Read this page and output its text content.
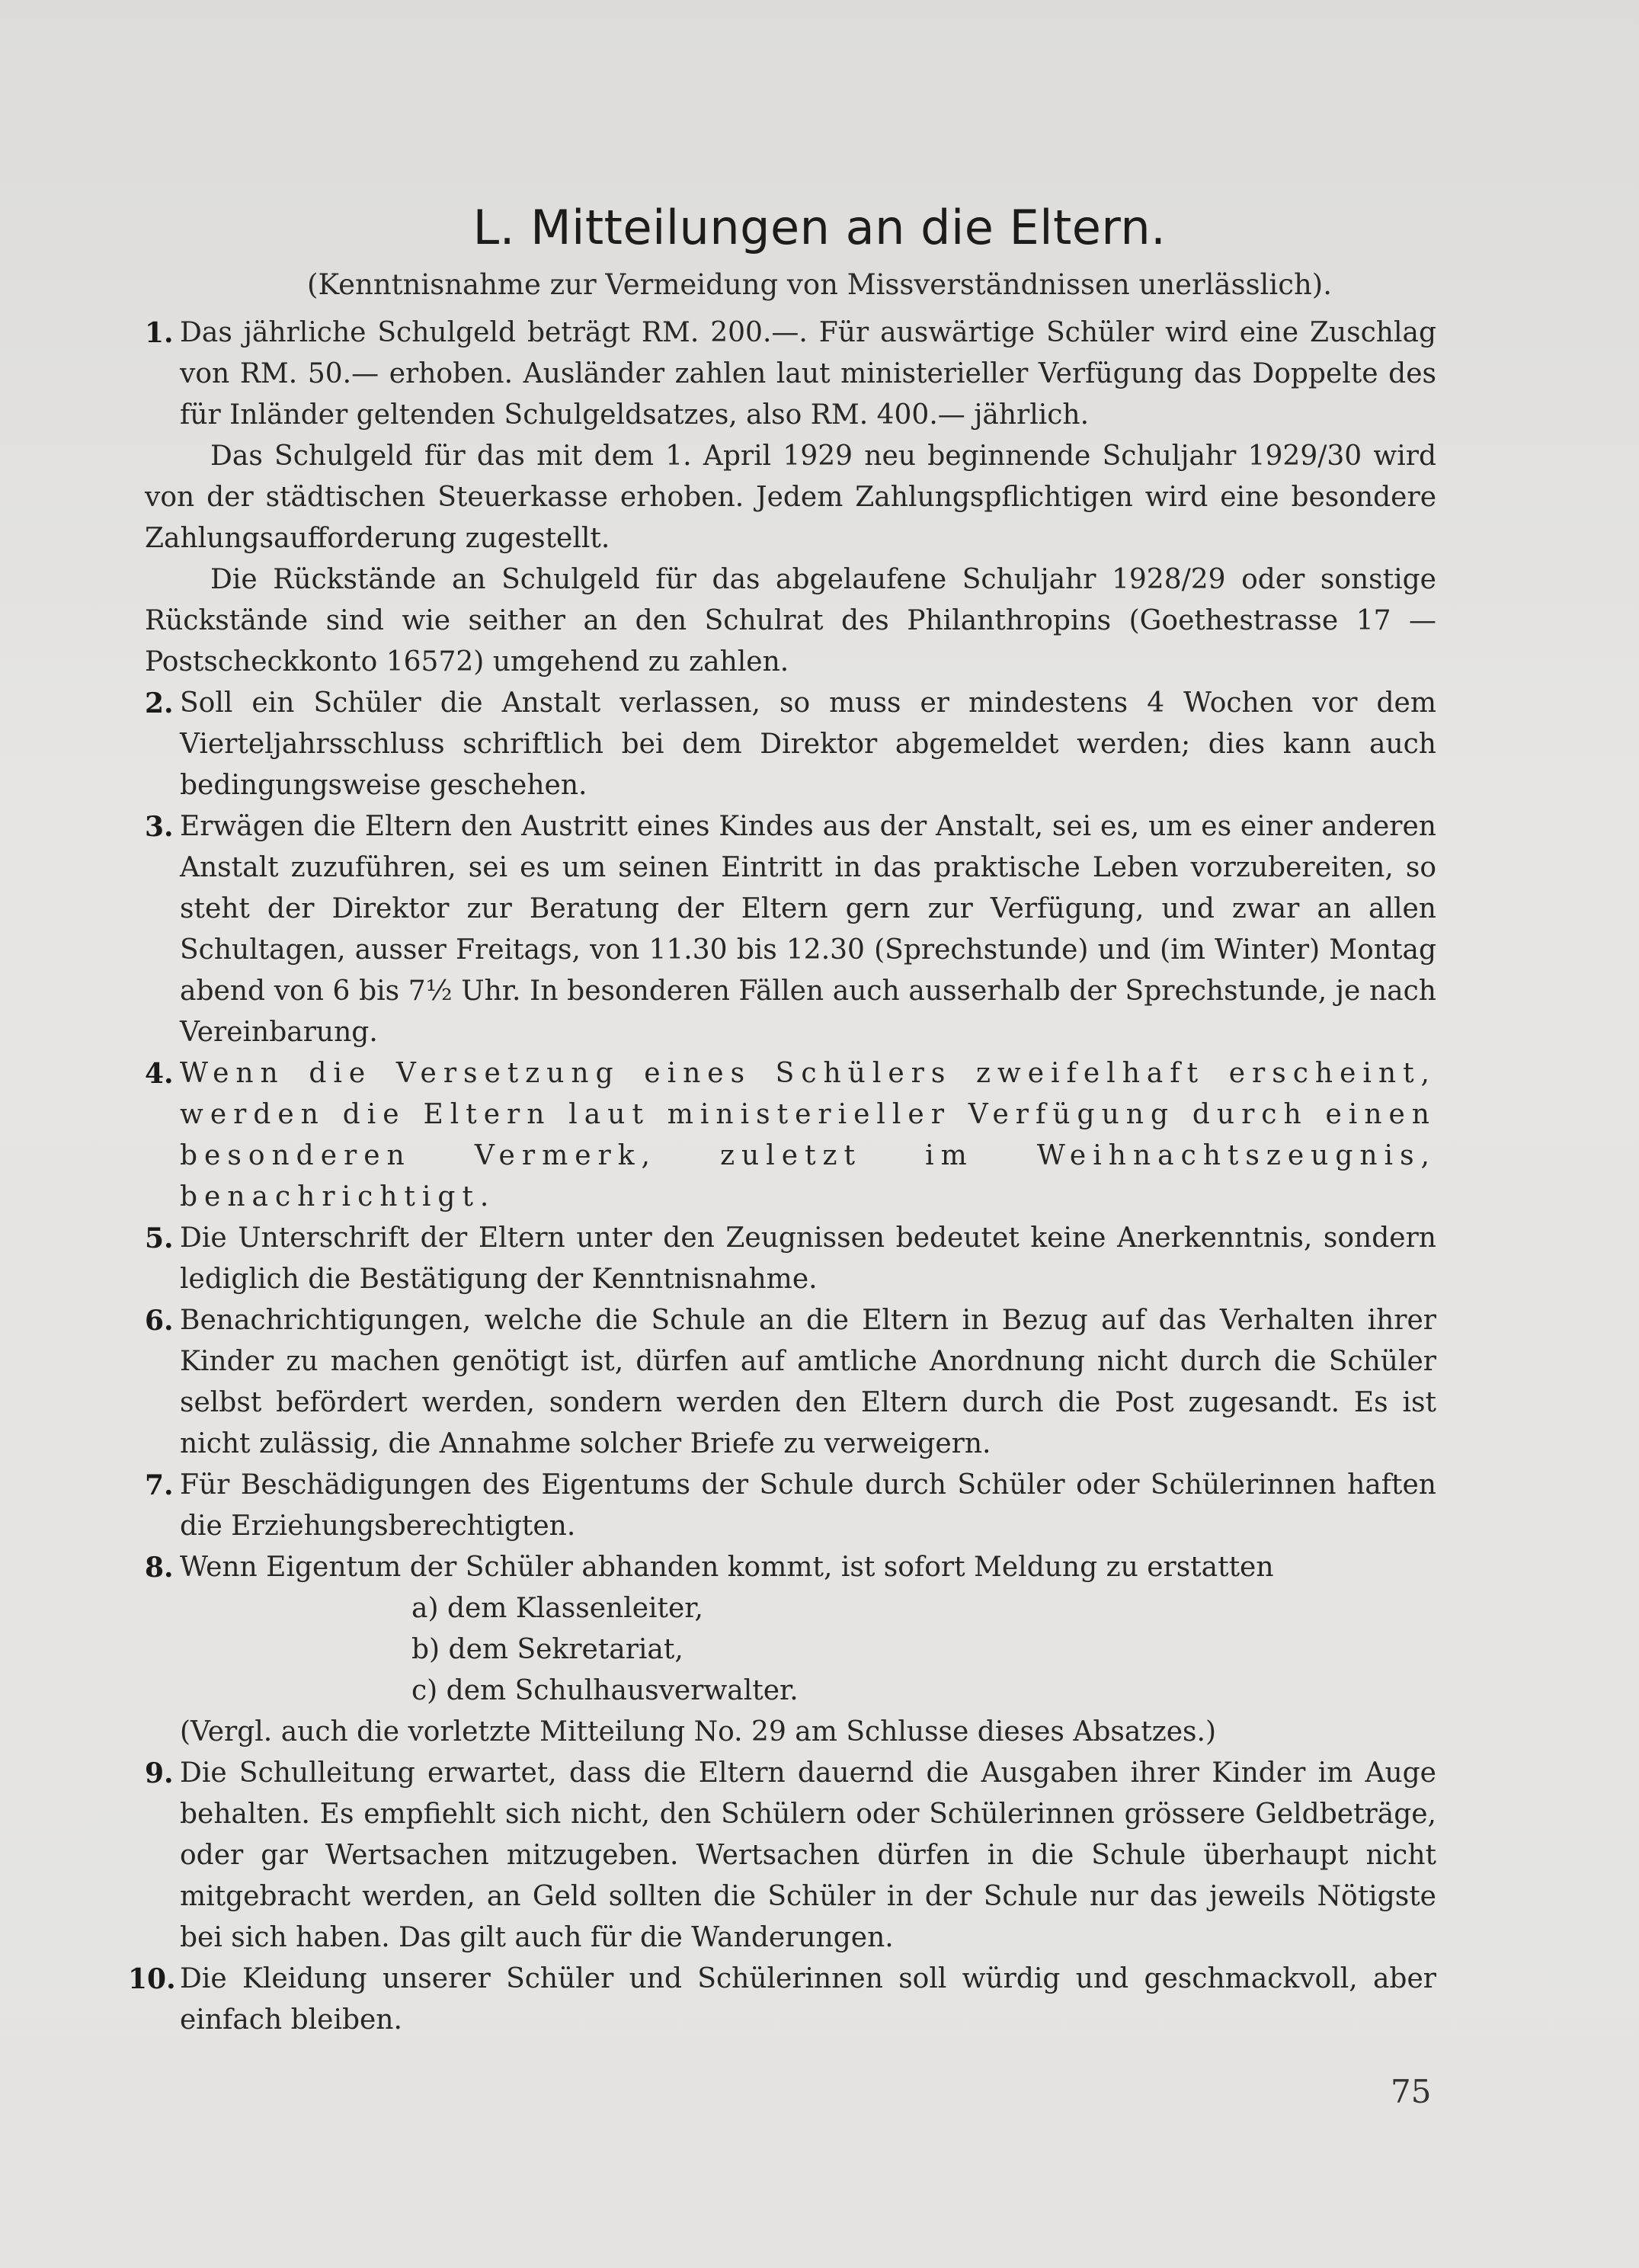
L. Mitteilungen an die Eltern.
(Kenntnisnahme zur Vermeidung von Missverständnissen unerlässlich).
1. Das jährliche Schulgeld beträgt RM. 200.—. Für auswärtige Schüler wird eine Zuschlag von RM. 50.— erhoben. Ausländer zahlen laut ministerieller Verfügung das Doppelte des für Inländer geltenden Schulgeldsatzes, also RM. 400.— jährlich.
Das Schulgeld für das mit dem 1. April 1929 neu beginnende Schuljahr 1929/30 wird von der städtischen Steuerkasse erhoben. Jedem Zahlungspflichtigen wird eine besondere Zahlungsaufforderung zugestellt.
Die Rückstände an Schulgeld für das abgelaufene Schuljahr 1928/29 oder sonstige Rückstände sind wie seither an den Schulrat des Philanthropins (Goethestrasse 17 — Postscheckkonto 16572) umgehend zu zahlen.
2. Soll ein Schüler die Anstalt verlassen, so muss er mindestens 4 Wochen vor dem Vierteljahrsschluss schriftlich bei dem Direktor abgemeldet werden; dies kann auch bedingungsweise geschehen.
3. Erwägen die Eltern den Austritt eines Kindes aus der Anstalt, sei es, um es einer anderen Anstalt zuzuführen, sei es um seinen Eintritt in das praktische Leben vorzubereiten, so steht der Direktor zur Beratung der Eltern gern zur Verfügung, und zwar an allen Schultagen, ausser Freitags, von 11.30 bis 12.30 (Sprechstunde) und (im Winter) Montag abend von 6 bis 7½ Uhr. In besonderen Fällen auch ausserhalb der Sprechstunde, je nach Vereinbarung.
4. Wenn die Versetzung eines Schülers zweifelhaft erscheint, werden die Eltern laut ministerieller Verfügung durch einen besonderen Vermerk, zuletzt im Weihnachtszeugnis, benachrichtigt.
5. Die Unterschrift der Eltern unter den Zeugnissen bedeutet keine Anerkenntnis, sondern lediglich die Bestätigung der Kenntnisnahme.
6. Benachrichtigungen, welche die Schule an die Eltern in Bezug auf das Verhalten ihrer Kinder zu machen genötigt ist, dürfen auf amtliche Anordnung nicht durch die Schüler selbst befördert werden, sondern werden den Eltern durch die Post zugesandt. Es ist nicht zulässig, die Annahme solcher Briefe zu verweigern.
7. Für Beschädigungen des Eigentums der Schule durch Schüler oder Schülerinnen haften die Erziehungsberechtigten.
8. Wenn Eigentum der Schüler abhanden kommt, ist sofort Meldung zu erstatten
a) dem Klassenleiter,
b) dem Sekretariat,
c) dem Schulhausverwalter.
(Vergl. auch die vorletzte Mitteilung No. 29 am Schlusse dieses Absatzes.)
9. Die Schulleitung erwartet, dass die Eltern dauernd die Ausgaben ihrer Kinder im Auge behalten. Es empfiehlt sich nicht, den Schülern oder Schülerinnen grössere Geldbeträge, oder gar Wertsachen mitzugeben. Wertsachen dürfen in die Schule überhaupt nicht mitgebracht werden, an Geld sollten die Schüler in der Schule nur das jeweils Nötigste bei sich haben. Das gilt auch für die Wanderungen.
10. Die Kleidung unserer Schüler und Schülerinnen soll würdig und geschmackvoll, aber einfach bleiben.
75
